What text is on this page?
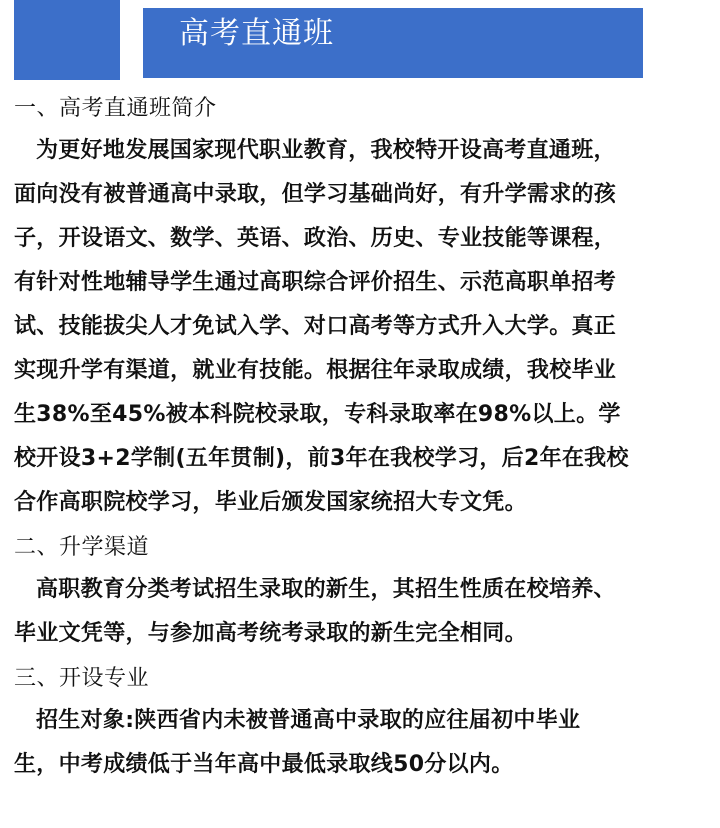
高考直通班
一、高考直通班简介
为更好地发展国家现代职业教育，我校特开设高考直通班，
面向没有被普通高中录取，但学习基础尚好，有升学需求的孩
子，开设语文、数学、英语、政治、历史、专业技能等课程，
有针对性地辅导学生通过高职综合评价招生、示范高职单招考
试、技能拔尖人才免试入学、对口高考等方式升入大学。真正
实现升学有渠道，就业有技能。根据往年录取成绩，我校毕业
生38%至45%被本科院校录取，专科录取率在98%以上。学
校开设3+2学制(五年贯制)，前3年在我校学习，后2年在我校
合作高职院校学习，毕业后颁发国家统招大专文凭。
二、升学渠道
高职教育分类考试招生录取的新生，其招生性质在校培养、
毕业文凭等，与参加高考统考录取的新生完全相同。
三、开设专业
招生对象:陕西省内未被普通高中录取的应往届初中毕业
生，中考成绩低于当年高中最低录取线50分以内。
